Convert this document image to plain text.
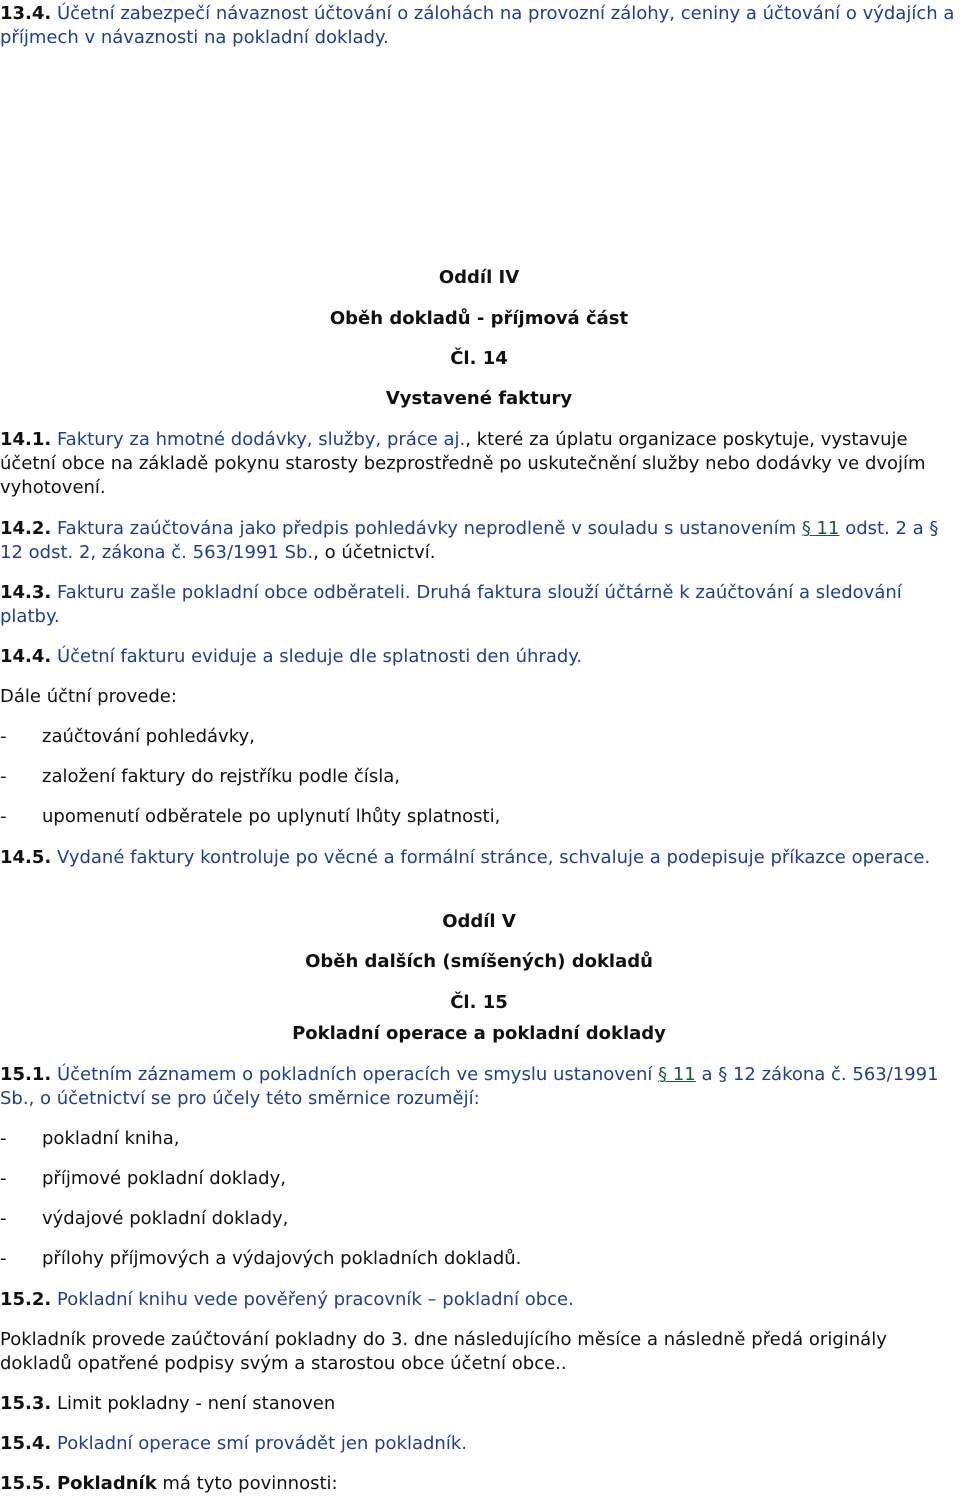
13.4. Účetní zabezpečí návaznost účtování o zálohách na provozní zálohy, ceniny a účtování o výdajích a příjmech v návaznosti na pokladní doklady.
Oddíl IV
Oběh dokladů - příjmová část
Čl. 14
Vystavené faktury
14.1. Faktury za hmotné dodávky, služby, práce aj., které za úplatu organizace poskytuje, vystavuje účetní obce na základě pokynu starosty bezprostředně po uskutečnění služby nebo dodávky ve dvojím vyhotovení.
14.2. Faktura zaúčtována jako předpis pohledávky neprodleně v souladu s ustanovením § 11 odst. 2 a § 12 odst. 2, zákona č. 563/1991 Sb., o účetnictví.
14.3. Fakturu zašle pokladní obce odběrateli. Druhá faktura slouží účtárně k zaúčtování a sledování platby.
14.4. Účetní fakturu eviduje a sleduje dle splatnosti den úhrady.
Dále účtní provede:
- zaúčtování pohledávky,
- založení faktury do rejstříku podle čísla,
- upomenutí odběratele po uplynutí lhůty splatnosti,
14.5. Vydané faktury kontroluje po věcné a formální stránce, schvaluje a podepisuje příkazce operace.
Oddíl V
Oběh dalších (smíšených) dokladů
Čl. 15
Pokladní operace a pokladní doklady
15.1. Účetním záznamem o pokladních operacích ve smyslu ustanovení § 11 a § 12 zákona č. 563/1991 Sb., o účetnictví se pro účely této směrnice rozumějí:
- pokladní kniha,
- příjmové pokladní doklady,
- výdajové pokladní doklady,
- přílohy příjmových a výdajových pokladních dokladů.
15.2. Pokladní knihu vede pověřený pracovník – pokladní obce.
Pokladník provede zaúčtování pokladny do 3. dne následujícího měsíce a následně předá originály dokladů opatřené podpisy svým a starostou obce účetní obce..
15.3. Limit pokladny - není stanoven
15.4. Pokladní operace smí provádět jen pokladník.
15.5. Pokladník má tyto povinnosti:
